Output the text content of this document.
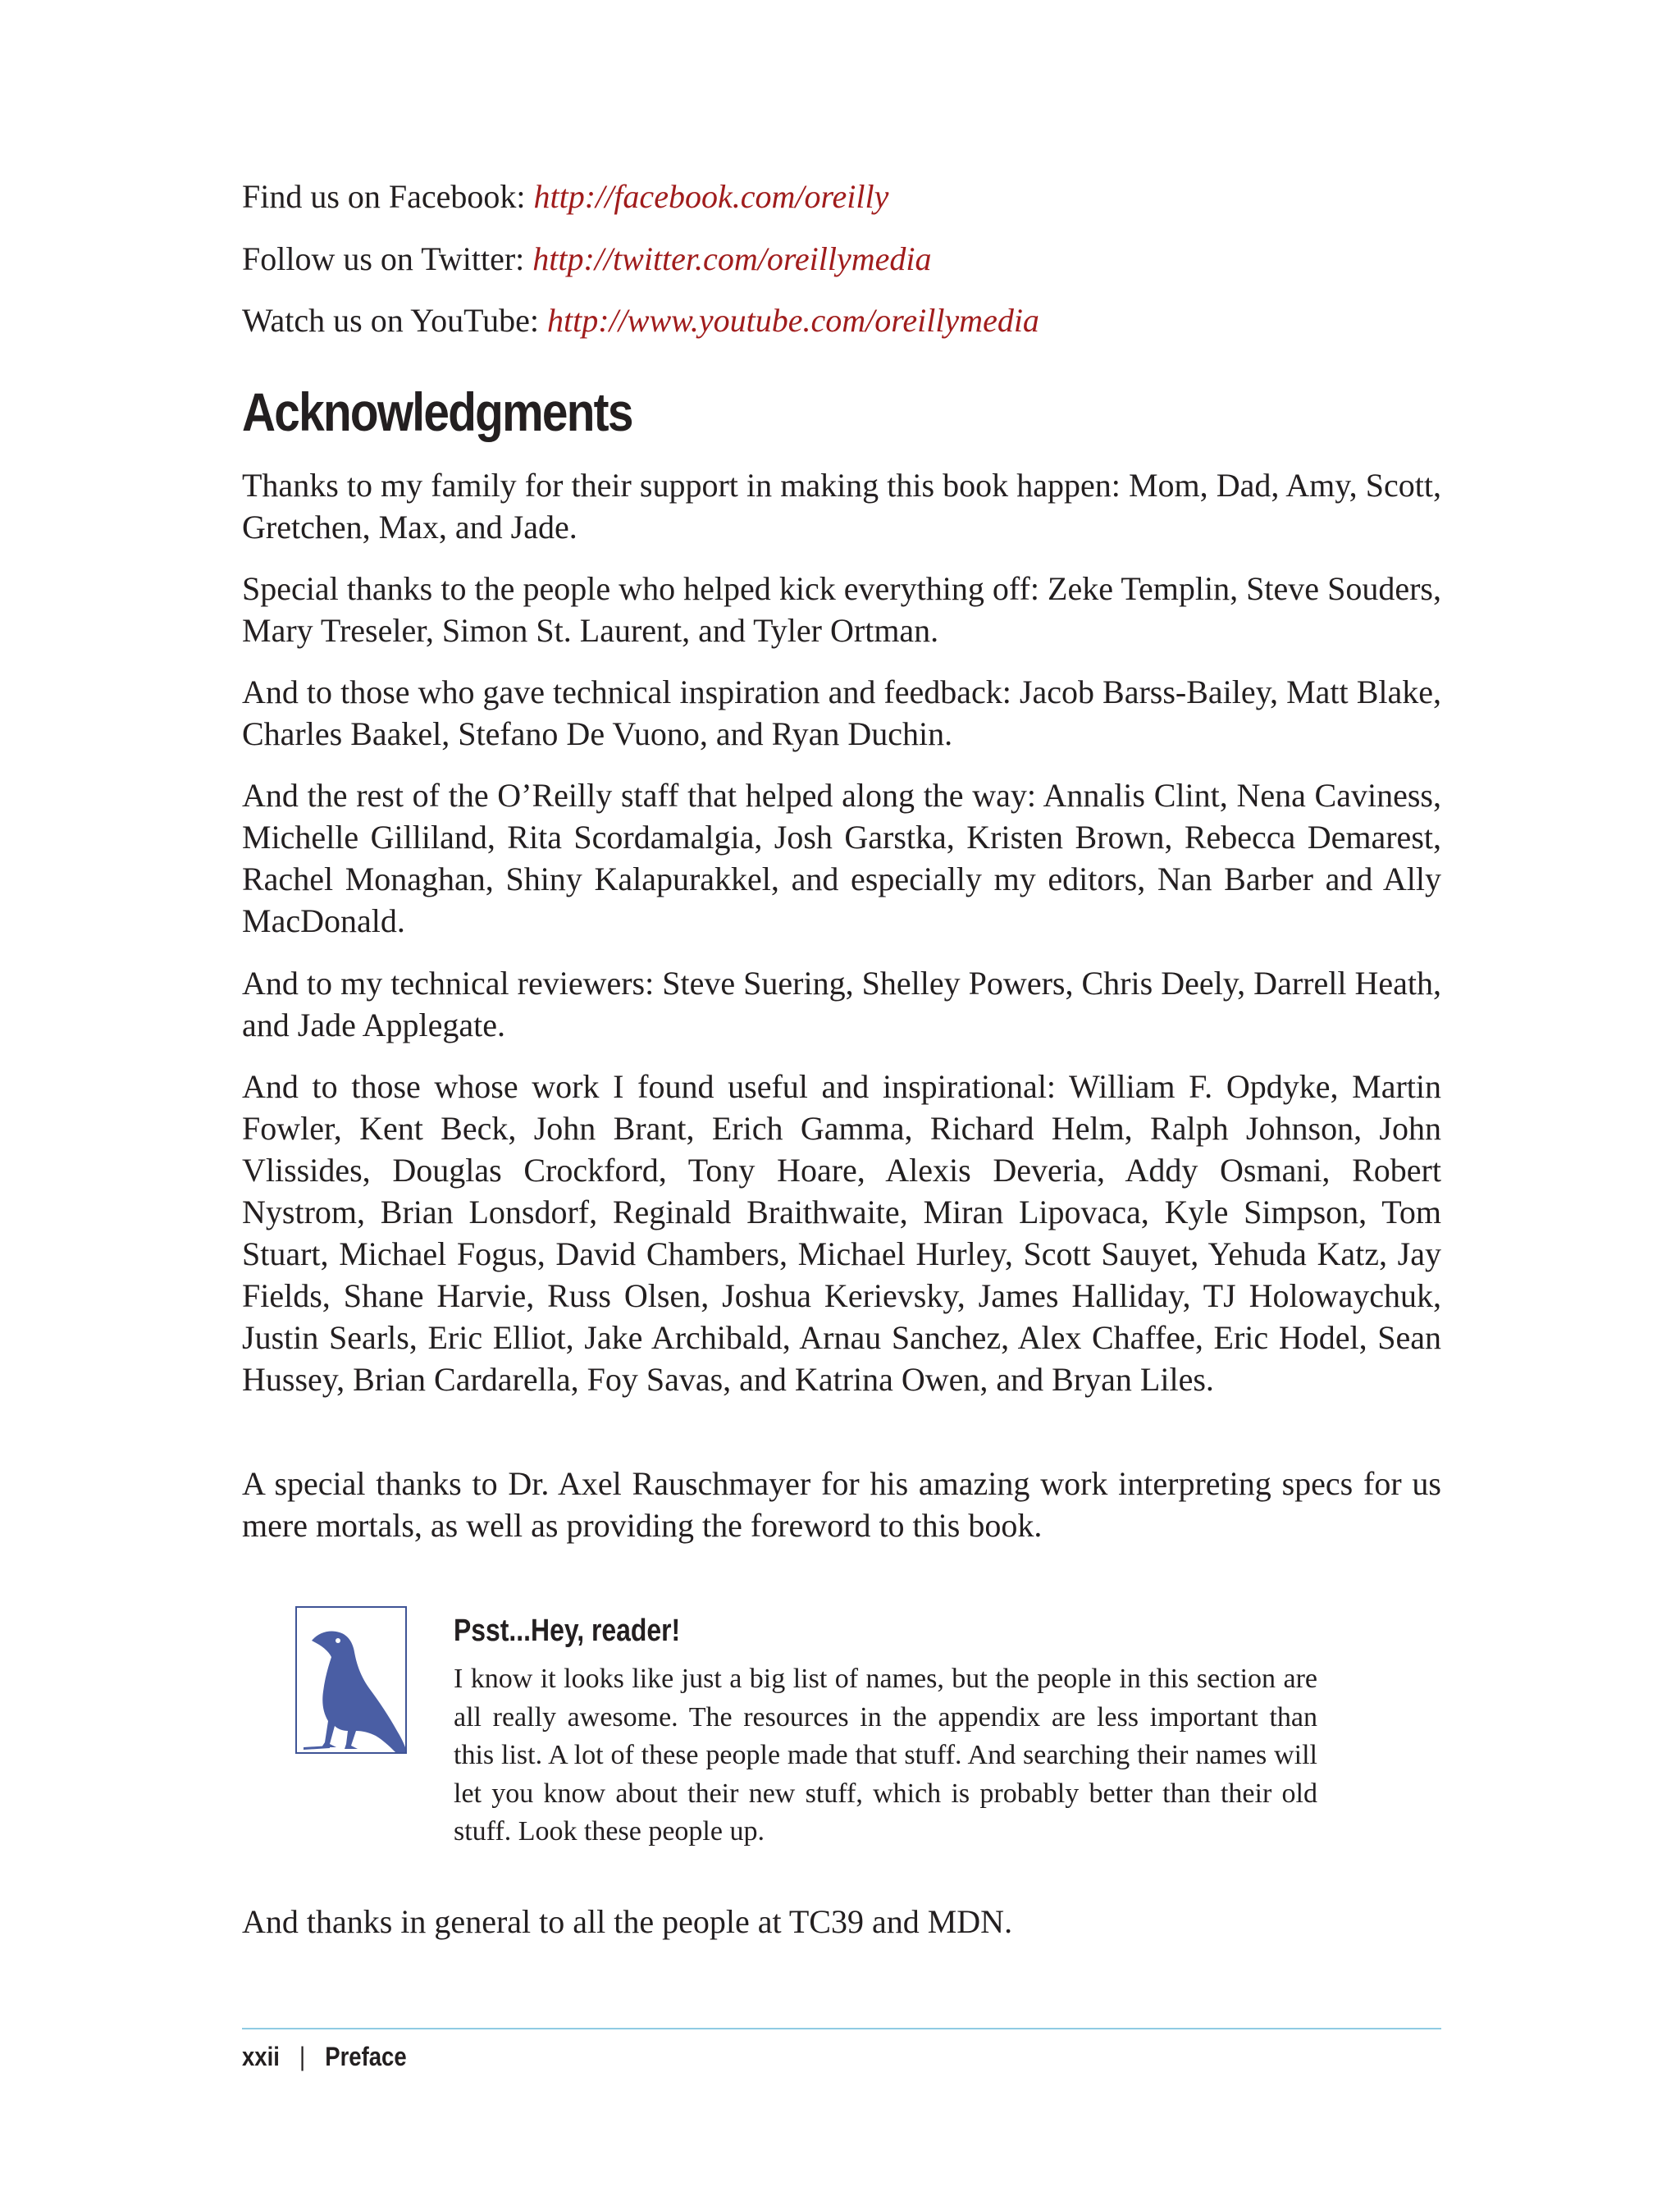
Find us on Facebook: http://facebook.com/oreilly
Follow us on Twitter: http://twitter.com/oreillymedia
Watch us on YouTube: http://www.youtube.com/oreillymedia
Acknowledgments

Thanks to my family for their support in making this book happen: Mom, Dad, Amy, Scott, Gretchen, Max, and Jade.

Special thanks to the people who helped kick everything off: Zeke Templin, Steve Souders, Mary Treseler, Simon St. Laurent, and Tyler Ortman.

And to those who gave technical inspiration and feedback: Jacob Barss-Bailey, Matt Blake, Charles Baakel, Stefano De Vuono, and Ryan Duchin.

And the rest of the O’Reilly staff that helped along the way: Annalis Clint, Nena Caviness, Michelle Gilliland, Rita Scordamalgia, Josh Garstka, Kristen Brown, Rebecca Demarest, Rachel Monaghan, Shiny Kalapurakkel, and especially my editors, Nan Barber and Ally MacDonald.

And to my technical reviewers: Steve Suering, Shelley Powers, Chris Deely, Darrell Heath, and Jade Applegate.

And to those whose work I found useful and inspirational: William F. Opdyke, Martin Fowler, Kent Beck, John Brant, Erich Gamma, Richard Helm, Ralph Johnson, John Vlissides, Douglas Crockford, Tony Hoare, Alexis Deveria, Addy Osmani, Robert Nystrom, Brian Lonsdorf, Reginald Braithwaite, Miran Lipovaca, Kyle Simpson, Tom Stuart, Michael Fogus, David Chambers, Michael Hurley, Scott Sauyet, Yehuda Katz, Jay Fields, Shane Harvie, Russ Olsen, Joshua Kerievsky, James Halliday, TJ Holowaychuk, Justin Searls, Eric Elliot, Jake Archibald, Arnau Sanchez, Alex Chaffee, Eric Hodel, Sean Hussey, Brian Cardarella, Foy Savas, and Katrina Owen, and Bryan Liles.

A special thanks to Dr. Axel Rauschmayer for his amazing work interpreting specs for us mere mortals, as well as providing the foreword to this book.

Psst...Hey, reader!

I know it looks like just a big list of names, but the people in this section are all really awesome. The resources in the appendix are less important than this list. A lot of these people made that stuff. And searching their names will let you know about their new stuff, which is probably better than their old stuff. Look these people up.

And thanks in general to all the people at TC39 and MDN.

xxii | Preface
